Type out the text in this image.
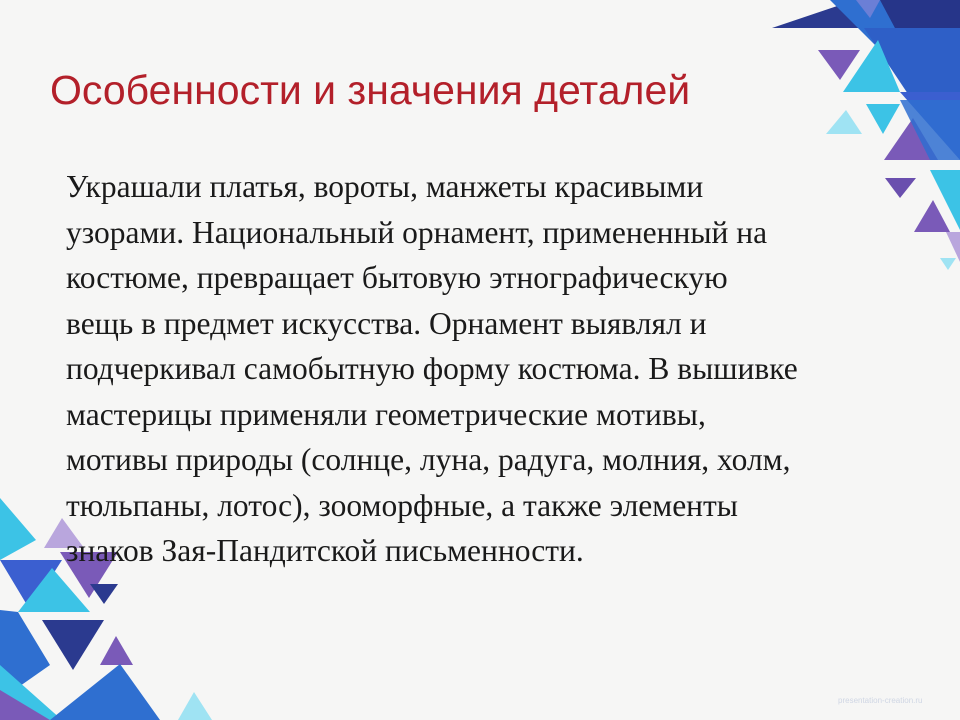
Особенности и значения деталей
Украшали платья, вороты, манжеты красивыми
узорами. Национальный орнамент, примененный на
костюме, превращает бытовую этнографическую
вещь в предмет искусства. Орнамент выявлял и
подчеркивал самобытную форму костюма. В вышивке
мастерицы применяли геометрические мотивы,
мотивы природы (солнце, луна, радуга, молния, холм,
тюльпаны, лотос), зооморфные, а также элементы
знаков Зая-Пандитской письменности.
presentation-creation.ru
